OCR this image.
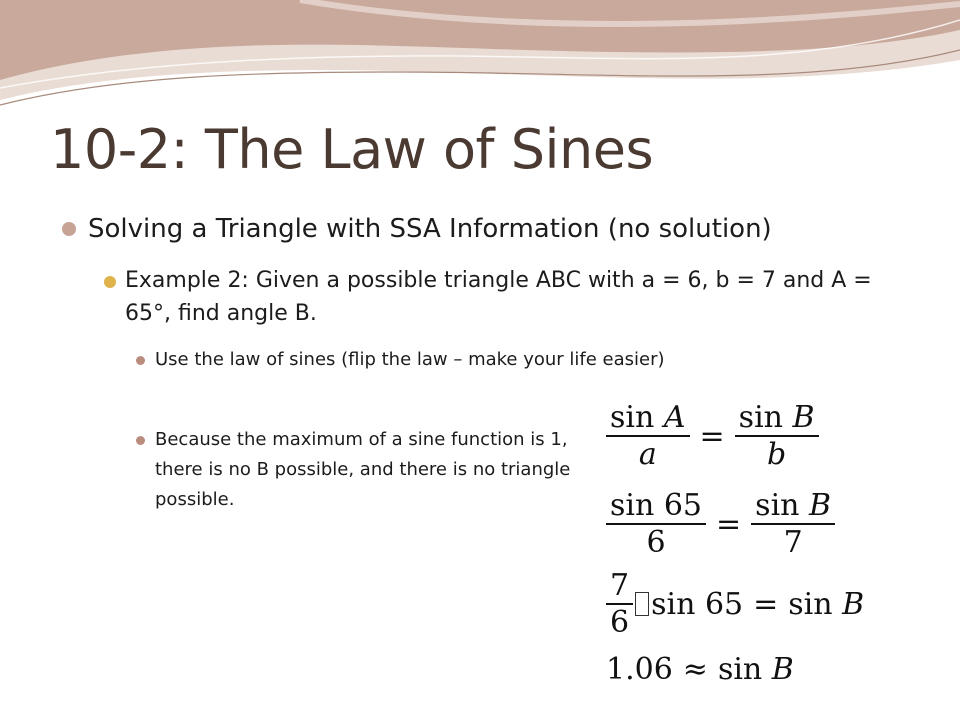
10-2: The Law of Sines
Solving a Triangle with SSA Information (no solution)
Example 2: Given a possible triangle ABC with a = 6, b = 7 and A = 65°, find angle B.
Use the law of sines (flip the law – make your life easier)
Because the maximum of a sine function is 1, there is no B possible, and there is no triangle possible.
$\frac{\text{sin A}}{a} = \frac{\text{sin B}}{b}$
$\frac{\sin 65}{6} = \frac{\text{sin B}}{7}$
$\frac{7}{6}$ sin 65 = sin B
1.06 ≈ sin B
